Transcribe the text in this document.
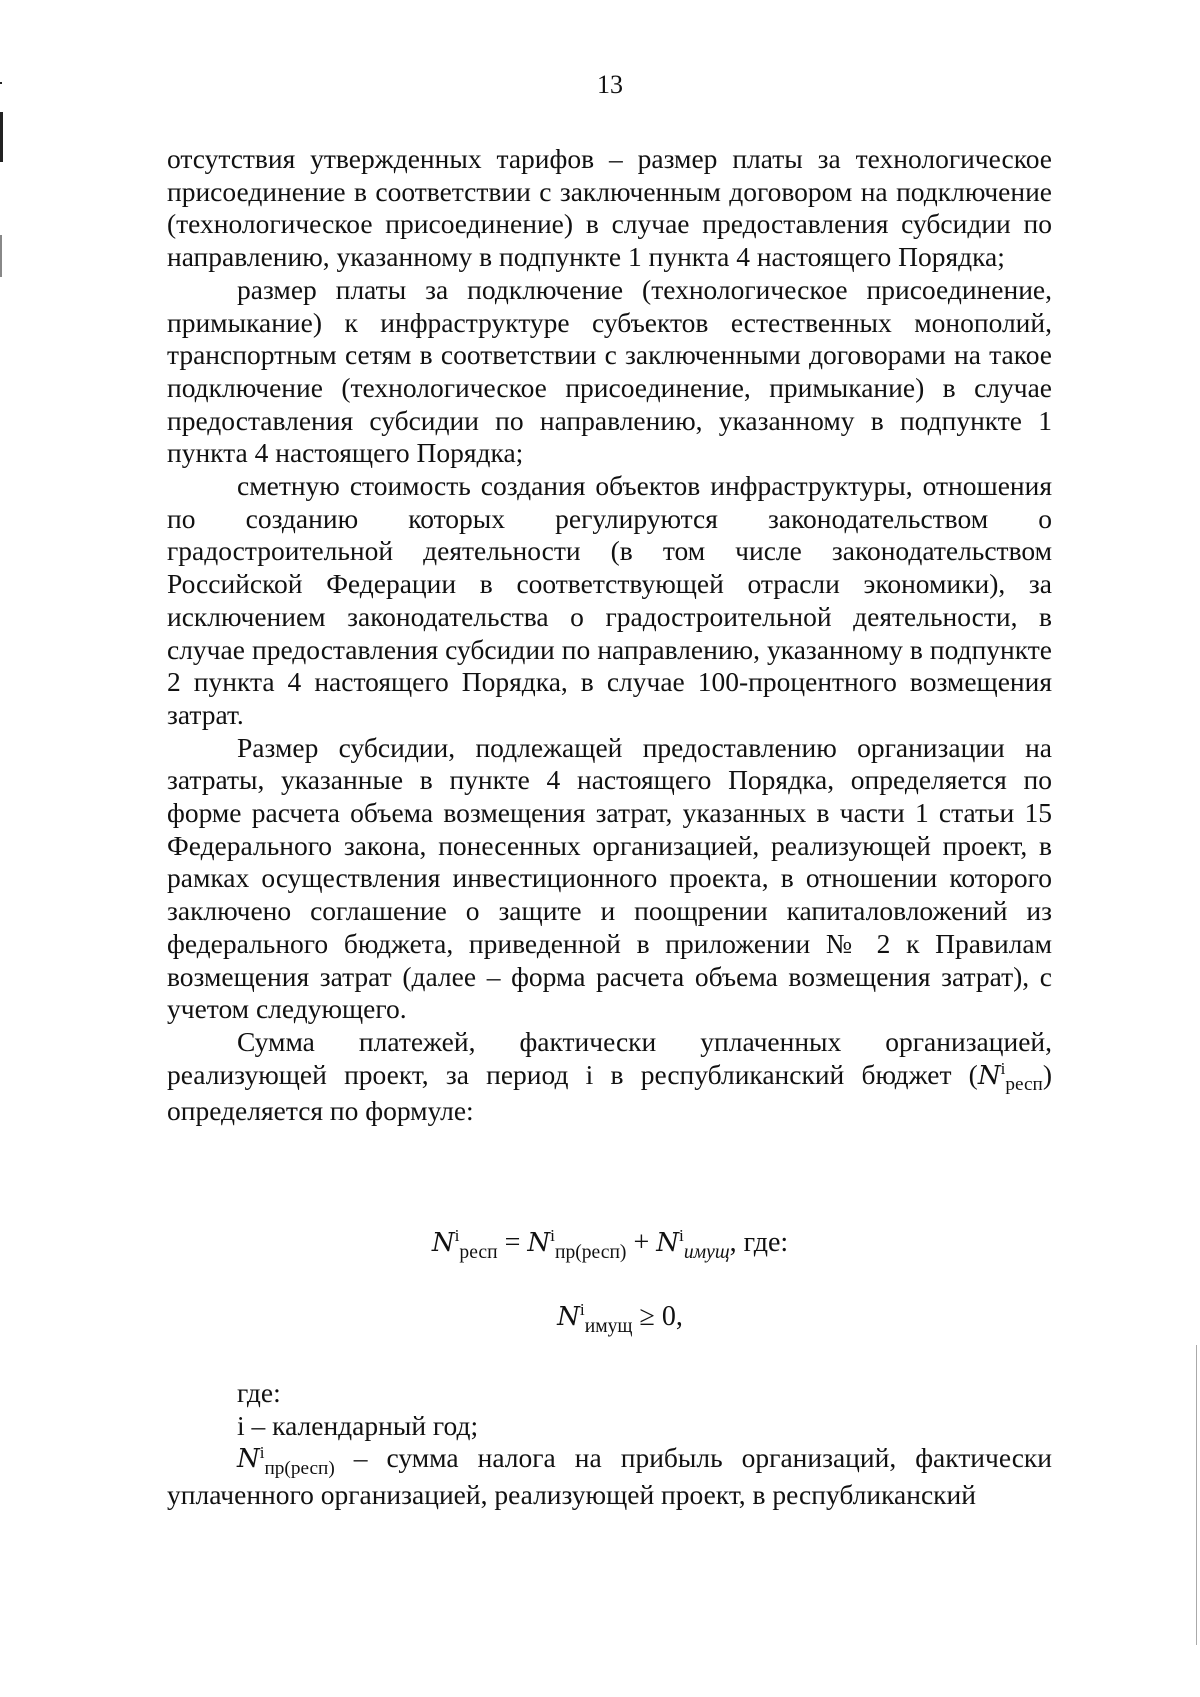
13

отсутствия утвержденных тарифов – размер платы за технологическое присоединение в соответствии с заключенным договором на подключение (технологическое присоединение) в случае предоставления субсидии по направлению, указанному в подпункте 1 пункта 4 настоящего Порядка;

размер платы за подключение (технологическое присоединение, примыкание) к инфраструктуре субъектов естественных монополий, транспортным сетям в соответствии с заключенными договорами на такое подключение (технологическое присоединение, примыкание) в случае предоставления субсидии по направлению, указанному в подпункте 1 пункта 4 настоящего Порядка;

сметную стоимость создания объектов инфраструктуры, отношения по созданию которых регулируются законодательством о градостроительной деятельности (в том числе законодательством Российской Федерации в соответствующей отрасли экономики), за исключением законодательства о градостроительной деятельности, в случае предоставления субсидии по направлению, указанному в подпункте 2 пункта 4 настоящего Порядка, в случае 100-процентного возмещения затрат.

Размер субсидии, подлежащей предоставлению организации на затраты, указанные в пункте 4 настоящего Порядка, определяется по форме расчета объема возмещения затрат, указанных в части 1 статьи 15 Федерального закона, понесенных организацией, реализующей проект, в рамках осуществления инвестиционного проекта, в отношении которого заключено соглашение о защите и поощрении капиталовложений из федерального бюджета, приведенной в приложении № 2 к Правилам возмещения затрат (далее – форма расчета объема возмещения затрат), с учетом следующего.

Сумма платежей, фактически уплаченных организацией, реализующей проект, за период i в республиканский бюджет $(N^i_{респ})$ определяется по формуле:

$N^i_{респ} = N^i_{пр(респ)} + N^i_{имущ}$, где:
$N^i_{имущ} \ge 0$,

где:

i – календарный год;

$N^i_{пр(респ)}$ – сумма налога на прибыль организаций, фактически уплаченного организацией, реализующей проект, в республиканский
